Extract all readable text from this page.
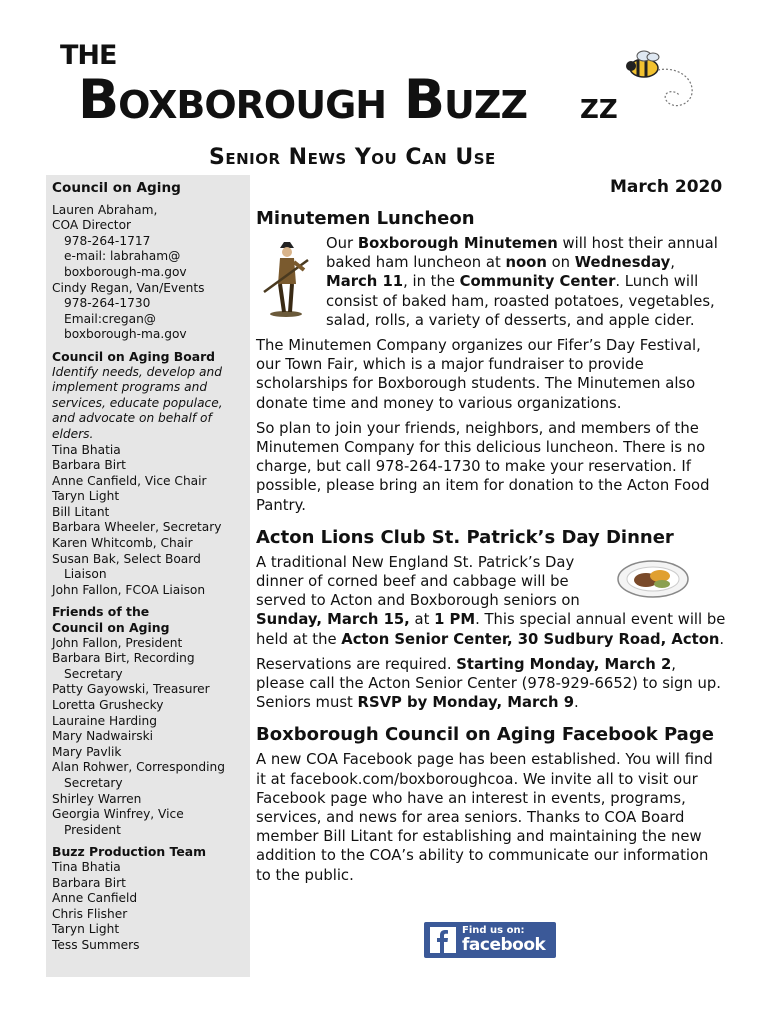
THE
Boxborough Buzz ZZ
Senior News You Can Use
Council on Aging
Lauren Abraham,
COA Director
978-264-1717
e-mail: labraham@
boxborough-ma.gov
Cindy Regan, Van/Events
978-264-1730
Email:cregan@
boxborough-ma.gov
Council on Aging Board
Identify needs, develop and implement programs and services, educate populace, and advocate on behalf of elders.
Tina Bhatia
Barbara Birt
Anne Canfield, Vice Chair
Taryn Light
Bill Litant
Barbara Wheeler, Secretary
Karen Whitcomb, Chair
Susan Bak, Select Board Liaison
John Fallon, FCOA Liaison
Friends of the
Council on Aging
John Fallon, President
Barbara Birt, Recording Secretary
Patty Gayowski, Treasurer
Loretta Grushecky
Lauraine Harding
Mary Nadwairski
Mary Pavlik
Alan Rohwer, Corresponding Secretary
Shirley Warren
Georgia Winfrey, Vice President
Buzz Production Team
Tina Bhatia
Barbara Birt
Anne Canfield
Chris Flisher
Taryn Light
Tess Summers
March 2020
Minutemen Luncheon
Our Boxborough Minutemen will host their annual baked ham luncheon at noon on Wednesday, March 11, in the Community Center. Lunch will consist of baked ham, roasted potatoes, vegetables, salad, rolls, a variety of desserts, and apple cider.
The Minutemen Company organizes our Fifer’s Day Festival, our Town Fair, which is a major fundraiser to provide scholarships for Boxborough students. The Minutemen also donate time and money to various organizations.
So plan to join your friends, neighbors, and members of the Minutemen Company for this delicious luncheon. There is no charge, but call 978-264-1730 to make your reservation. If possible, please bring an item for donation to the Acton Food Pantry.
Acton Lions Club St. Patrick’s Day Dinner
A traditional New England St. Patrick’s Day dinner of corned beef and cabbage will be served to Acton and Boxborough seniors on Sunday, March 15, at 1 PM. This special annual event will be held at the Acton Senior Center, 30 Sudbury Road, Acton.
Reservations are required. Starting Monday, March 2, please call the Acton Senior Center (978-929-6652) to sign up. Seniors must RSVP by Monday, March 9.
Boxborough Council on Aging Facebook Page
A new COA Facebook page has been established. You will find it at facebook.com/boxboroughcoa. We invite all to visit our Facebook page who have an interest in events, programs, services, and news for area seniors. Thanks to COA Board member Bill Litant for establishing and maintaining the new addition to the COA’s ability to communicate our information to the public.
Find us on:
facebook
